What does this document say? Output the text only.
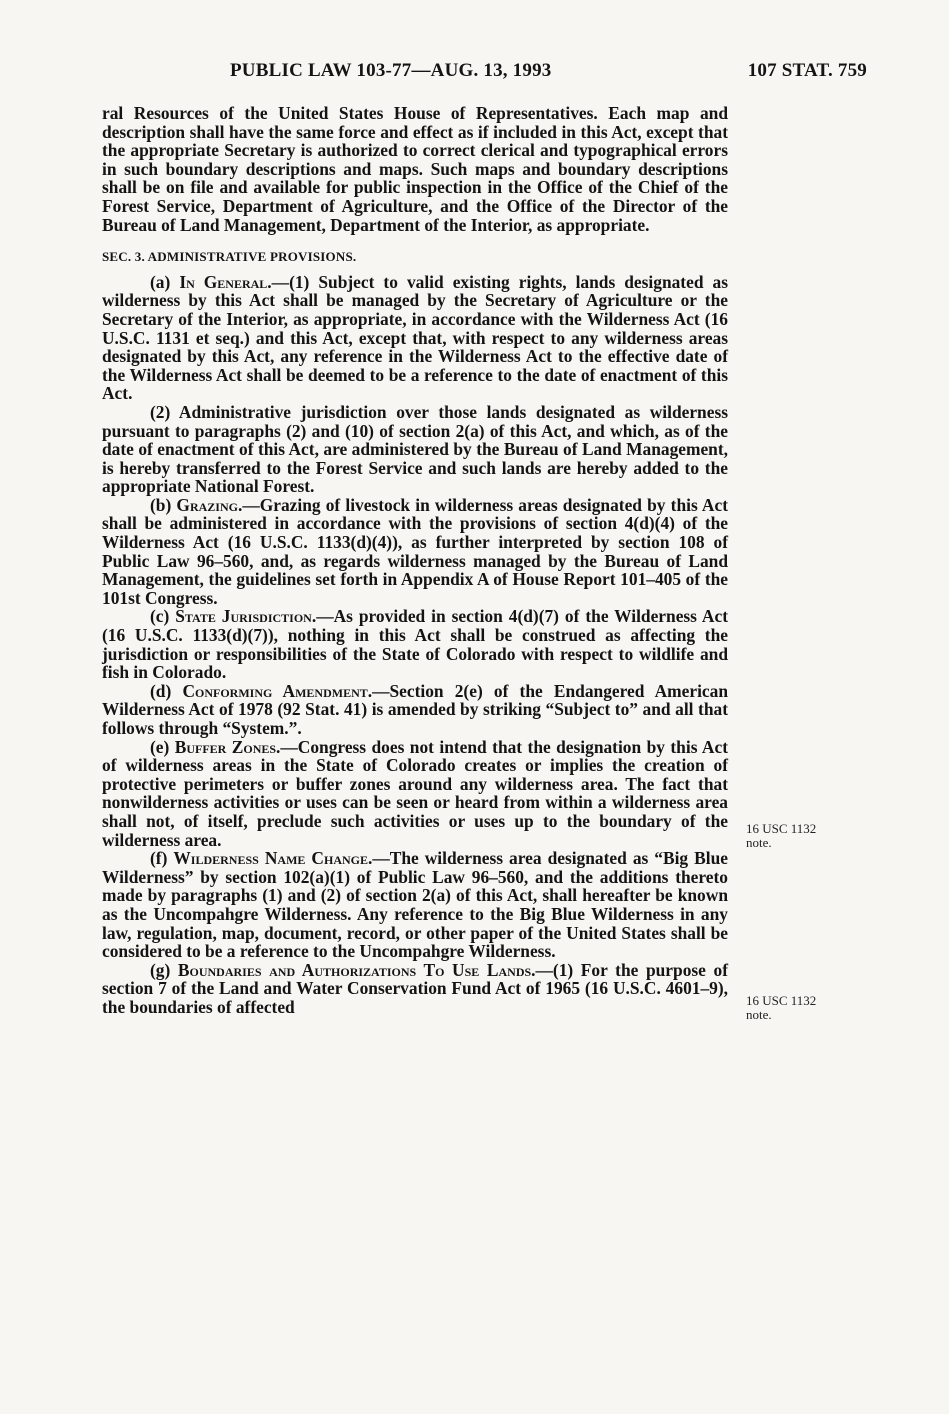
PUBLIC LAW 103-77—AUG. 13, 1993	107 STAT. 759

ral Resources of the United States House of Representatives. Each map and description shall have the same force and effect as if included in this Act, except that the appropriate Secretary is authorized to correct clerical and typographical errors in such boundary descriptions and maps. Such maps and boundary descriptions shall be on file and available for public inspection in the Office of the Chief of the Forest Service, Department of Agriculture, and the Office of the Director of the Bureau of Land Management, Department of the Interior, as appropriate.

SEC. 3. ADMINISTRATIVE PROVISIONS.

(a) In General.—(1) Subject to valid existing rights, lands designated as wilderness by this Act shall be managed by the Secretary of Agriculture or the Secretary of the Interior, as appropriate, in accordance with the Wilderness Act (16 U.S.C. 1131 et seq.) and this Act, except that, with respect to any wilderness areas designated by this Act, any reference in the Wilderness Act to the effective date of the Wilderness Act shall be deemed to be a reference to the date of enactment of this Act.

(2) Administrative jurisdiction over those lands designated as wilderness pursuant to paragraphs (2) and (10) of section 2(a) of this Act, and which, as of the date of enactment of this Act, are administered by the Bureau of Land Management, is hereby transferred to the Forest Service and such lands are hereby added to the appropriate National Forest.

(b) Grazing.—Grazing of livestock in wilderness areas designated by this Act shall be administered in accordance with the provisions of section 4(d)(4) of the Wilderness Act (16 U.S.C. 1133(d)(4)), as further interpreted by section 108 of Public Law 96–560, and, as regards wilderness managed by the Bureau of Land Management, the guidelines set forth in Appendix A of House Report 101–405 of the 101st Congress.

(c) State Jurisdiction.—As provided in section 4(d)(7) of the Wilderness Act (16 U.S.C. 1133(d)(7)), nothing in this Act shall be construed as affecting the jurisdiction or responsibilities of the State of Colorado with respect to wildlife and fish in Colorado.

(d) Conforming Amendment.—Section 2(e) of the Endangered American Wilderness Act of 1978 (92 Stat. 41) is amended by striking “Subject to” and all that follows through “System.”.

(e) Buffer Zones.—Congress does not intend that the designation by this Act of wilderness areas in the State of Colorado creates or implies the creation of protective perimeters or buffer zones around any wilderness area. The fact that nonwilderness activities or uses can be seen or heard from within a wilderness area shall not, of itself, preclude such activities or uses up to the boundary of the wilderness area.

(f) Wilderness Name Change.—The wilderness area designated as “Big Blue Wilderness” by section 102(a)(1) of Public Law 96–560, and the additions thereto made by paragraphs (1) and (2) of section 2(a) of this Act, shall hereafter be known as the Uncompahgre Wilderness. Any reference to the Big Blue Wilderness in any law, regulation, map, document, record, or other paper of the United States shall be considered to be a reference to the Uncompahgre Wilderness.

(g) Boundaries and Authorizations To Use Lands.—(1) For the purpose of section 7 of the Land and Water Conservation Fund Act of 1965 (16 U.S.C. 4601–9), the boundaries of affected

16 USC 1132
note.
16 USC 1132
note.
